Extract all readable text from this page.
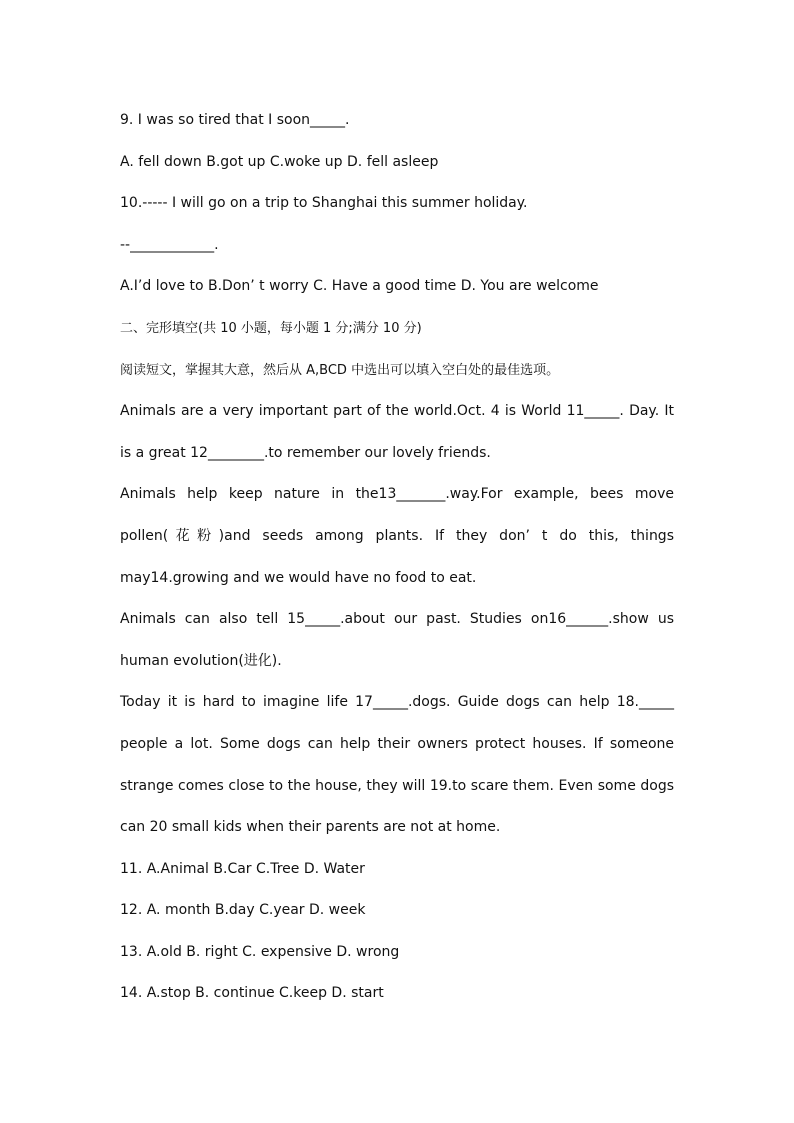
9. I was so tired that I soon_____.
A. fell down B.got up C.woke up D. fell asleep
10.----- I will go on a trip to Shanghai this summer holiday.
--____________.
A.I’d love to B.Don’ t worry C. Have a good time D. You are welcome
二、完形填空(共 10 小题，每小题 1 分;满分 10 分)
阅读短文，掌握其大意，然后从 A,BCD 中选出可以填入空白处的最佳选项。
Animals are a very important part of the world.Oct. 4 is World 11_____. Day. It is a great 12________.to remember our lovely friends.
Animals help keep nature in the13_______.way.For example, bees move pollen(花粉)and seeds among plants. If they don’ t do this, things may14.growing and we would have no food to eat.
Animals can also tell 15_____.about our past. Studies on16______.show us human evolution(进化).
Today it is hard to imagine life 17_____.dogs. Guide dogs can help 18._____ people a lot. Some dogs can help their owners protect houses. If someone strange comes close to the house, they will 19.to scare them. Even some dogs can 20 small kids when their parents are not at home.
11. A.Animal B.Car C.Tree D. Water
12. A. month B.day C.year D. week
13. A.old B. right C. expensive D. wrong
14. A.stop B. continue C.keep D. start
